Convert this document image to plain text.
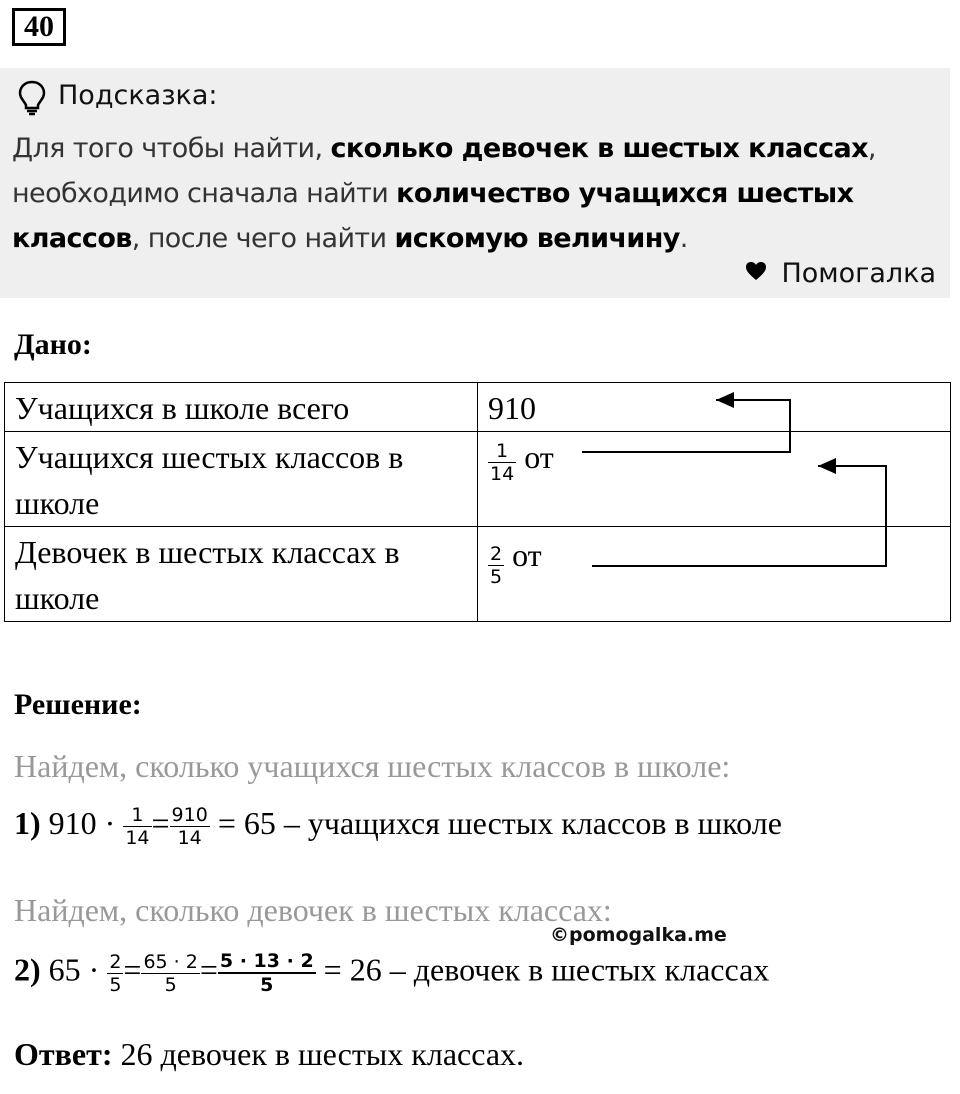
40
Подсказка:
Для того чтобы найти, сколько девочек в шестых классах, необходимо сначала найти количество учащихся шестых классов, после чего найти искомую величину.
Помогалка
Дано:
Учащихся в школе всего	910
Учащихся шестых классов в школе	$\frac{1}{14}$ от
Девочек в шестых классах в школе	$\frac{2}{5}$ от
Решение:
Найдем, сколько учащихся шестых классов в школе:
1) $910 \cdot \frac{1}{14} = \frac{910}{14} = 65$ – учащихся шестых классов в школе
Найдем, сколько девочек в шестых классах:
©pomogalka.me
2) $65 \cdot \frac{2}{5} = \frac{65 \cdot 2}{5} = \frac{5 \cdot 13 \cdot 2}{5} = 26$ – девочек в шестых классах
Ответ: 26 девочек в шестых классах.
